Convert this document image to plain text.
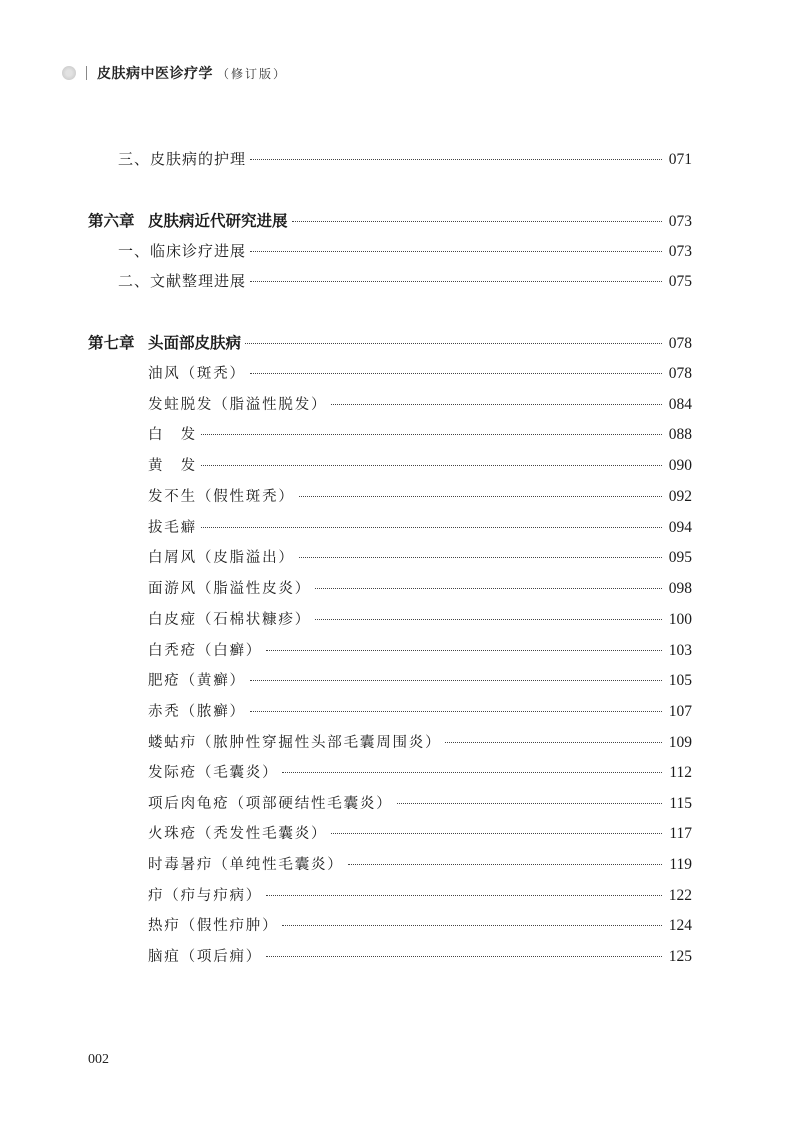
皮肤病中医诊疗学 （修订版）
三、皮肤病的护理	071
第六章 皮肤病近代研究进展	073
一、临床诊疗进展	073
二、文献整理进展	075
第七章 头面部皮肤病	078
油风（斑秃）	078
发蛀脱发（脂溢性脱发）	084
白　发	088
黄　发	090
发不生（假性斑秃）	092
拔毛癖	094
白屑风（皮脂溢出）	095
面游风（脂溢性皮炎）	098
白皮痖（石棉状糠疹）	100
白秃疮（白癣）	103
肥疮（黄癣）	105
赤秃（脓癣）	107
蝼蛄疖（脓肿性穿掘性头部毛囊周围炎）	109
发际疮（毛囊炎）	112
项后肉龟疮（项部硬结性毛囊炎）	115
火珠疮（秃发性毛囊炎）	117
时毒暑疖（单纯性毛囊炎）	119
疖（疖与疖病）	122
热疖（假性疖肿）	124
脑疽（项后痈）	125
002
